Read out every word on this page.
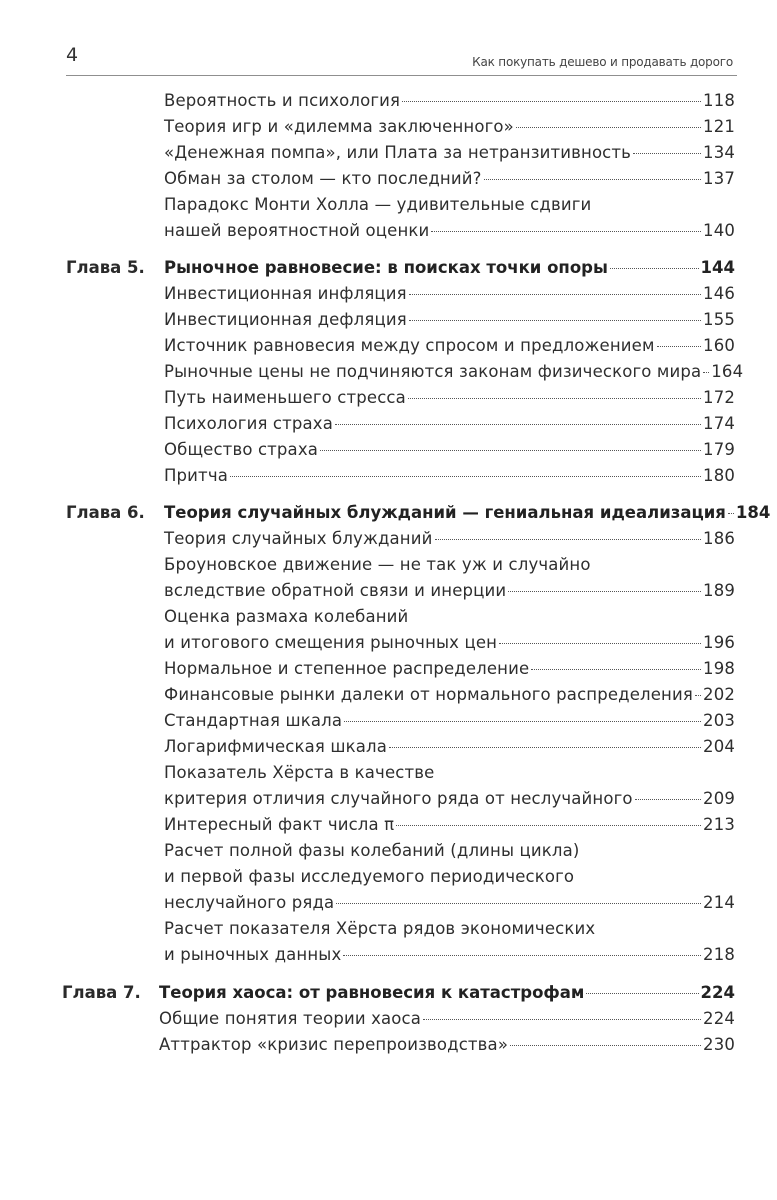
4	Как покупать дешево и продавать дорого
Вероятность и психология	118
Теория игр и «дилемма заключенного»	121
«Денежная помпа», или Плата за нетранзитивность	134
Обман за столом — кто последний?	137
Парадокс Монти Холла — удивительные сдвиги
нашей вероятностной оценки	140
Глава 5. Рыночное равновесие: в поисках точки опоры	144
Инвестиционная инфляция	146
Инвестиционная дефляция	155
Источник равновесия между спросом и предложением	160
Рыночные цены не подчиняются законам физического мира 164
Путь наименьшего стресса	172
Психология страха	174
Общество страха	179
Притча	180
Глава 6. Теория случайных блужданий — гениальная идеализация 184
Теория случайных блужданий	186
Броуновское движение — не так уж и случайно
вследствие обратной связи и инерции	189
Оценка размаха колебаний
и итогового смещения рыночных цен	196
Нормальное и степенное распределение	198
Финансовые рынки далеки от нормального распределения 202
Стандартная шкала	203
Логарифмическая шкала	204
Показатель Хёрста в качестве
критерия отличия случайного ряда от неслучайного	209
Интересный факт числа π	213
Расчет полной фазы колебаний (длины цикла)
и первой фазы исследуемого периодического
неслучайного ряда	214
Расчет показателя Хёрста рядов экономических
и рыночных данных	218
Глава 7. Теория хаоса: от равновесия к катастрофам	224
Общие понятия теории хаоса	224
Аттрактор «кризис перепроизводства»	230
